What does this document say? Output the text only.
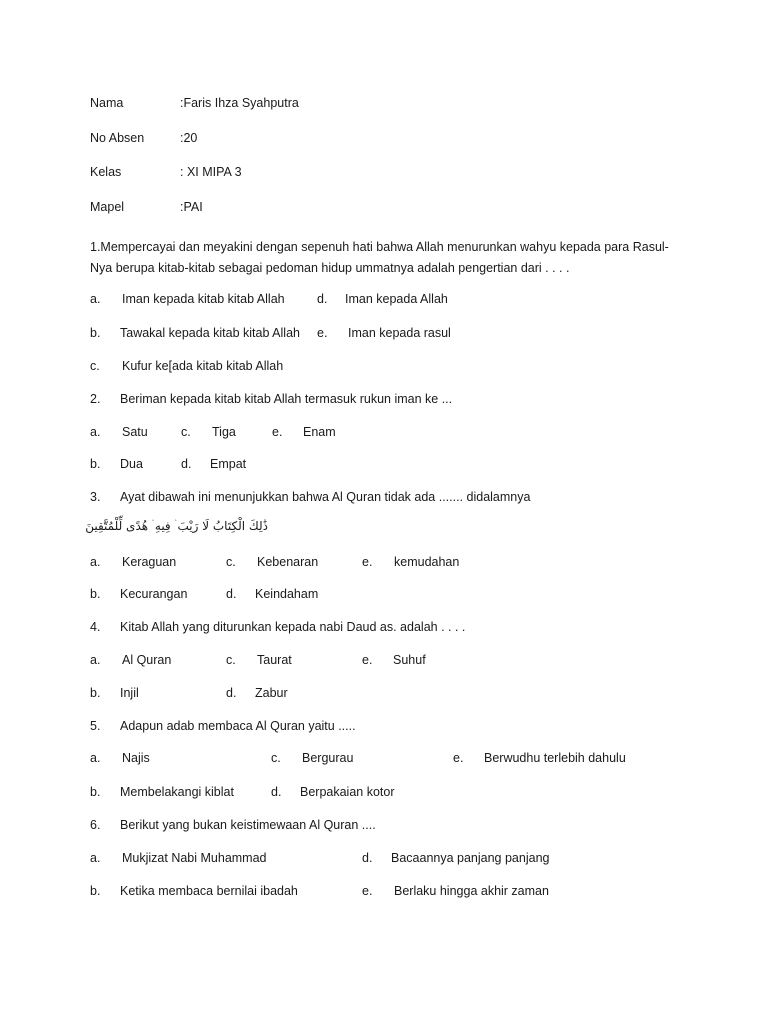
Nama	:Faris Ihza Syahputra
No Absen	:20
Kelas	: XI MIPA 3
Mapel	:PAI
1.Mempercayai dan meyakini dengan sepenuh hati bahwa Allah menurunkan wahyu kepada para Rasul-Nya berupa kitab-kitab sebagai pedoman hidup ummatnya adalah pengertian dari . . . .
a. Iman kepada kitab kitab Allah	d. Iman kepada Allah
b. Tawakal kepada kitab kitab Allah e. Iman kepada rasul
c. Kufur ke[ada kitab kitab Allah
2. Beriman kepada kitab kitab Allah termasuk rukun iman ke ...
a. Satu	c. Tiga	e. Enam
b. Dua	d. Empat
3. Ayat dibawah ini menunjukkan bahwa Al Quran tidak ada ....... didalamnya
ذَٰلِكَ الْكِتَابُ لَا رَيْبَ ۛ فِيهِ ۛ هُدًى لِّلْمُتَّقِينَ
a. Keraguan	c. Kebenaran	e. kemudahan
b. Kecurangan	d. Keindaham
4. Kitab Allah yang diturunkan kepada nabi Daud as. adalah . . . .
a. Al Quran	c. Taurat	e. Suhuf
b. Injil	d. Zabur
5. Adapun adab membaca Al Quran yaitu .....
a. Najis	c. Bergurau	e. Berwudhu terlebih dahulu
b. Membelakangi kiblat	d. Berpakaian kotor
6. Berikut yang bukan keistimewaan Al Quran ....
a. Mukjizat Nabi Muhammad	d. Bacaannya panjang panjang
b. Ketika membaca bernilai ibadah	e. Berlaku hingga akhir zaman
